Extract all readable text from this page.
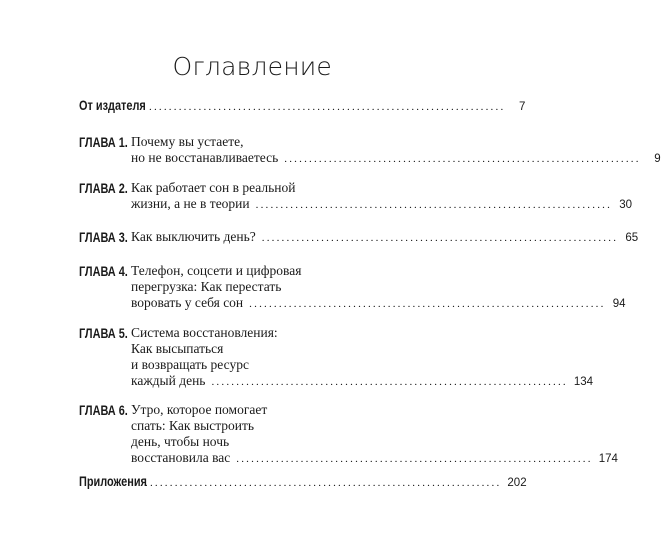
Оглавление
От издателя ........................................................................	7
ГЛАВА 1. Почему вы устаете,
но не восстанавливаетесь ........................................................................	9
ГЛАВА 2. Как работает сон в реальной
жизни, а не в теории ........................................................................ 30
ГЛАВА 3. Как выключить день? ........................................................................ 65
ГЛАВА 4. Телефон, соцсети и цифровая
перегрузка: Как перестать
воровать у себя сон ........................................................................ 94
ГЛАВА 5. Система восстановления:
Как высыпаться
и возвращать ресурс
каждый день ........................................................................ 134
ГЛАВА 6. Утро, которое помогает
спать: Как выстроить
день, чтобы ночь
восстановила вас ........................................................................ 174
Приложения
........................................................................ 202
